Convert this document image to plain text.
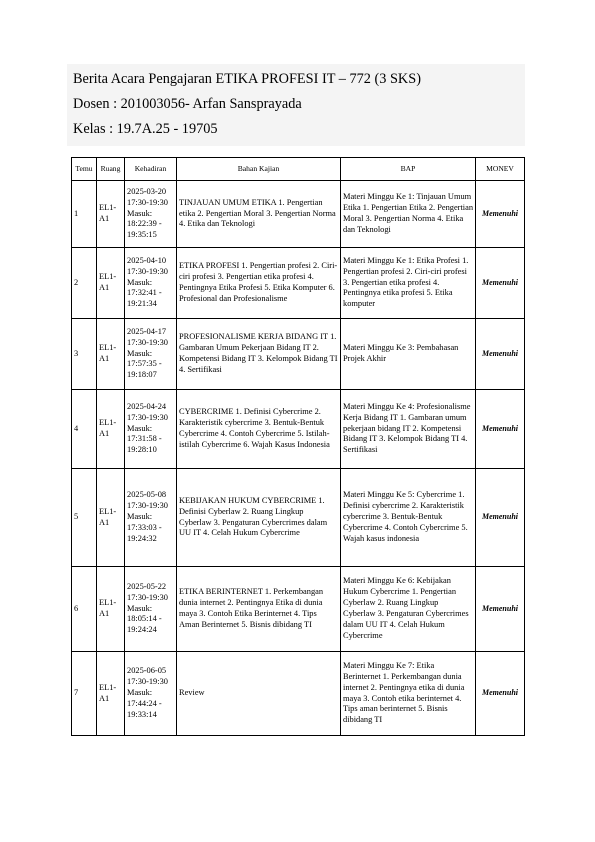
Berita Acara Pengajaran ETIKA PROFESI IT – 772 (3 SKS)
Dosen : 201003056- Arfan Sansprayada
Kelas : 19.7A.25 - 19705
Temu	Ruang	Kehadiran	Bahan Kajian	BAP	MONEV
1	EL1-A1	2025-03-20 17:30-19:30 Masuk: 18:22:39 - 19:35:15	TINJAUAN UMUM ETIKA 1. Pengertian etika 2. Pengertian Moral 3. Pengertian Norma 4. Etika dan Teknologi	Materi Minggu Ke 1: Tinjauan Umum Etika 1. Pengertian Etika 2. Pengertian Moral 3. Pengertian Norma 4. Etika dan Teknologi	Memenuhi
2	EL1-A1	2025-04-10 17:30-19:30 Masuk: 17:32:41 - 19:21:34	ETIKA PROFESI 1. Pengertian profesi 2. Ciri-ciri profesi 3. Pengertian etika profesi 4. Pentingnya Etika Profesi 5. Etika Komputer 6. Profesional dan Profesionalisme	Materi Minggu Ke 1: Etika Profesi 1. Pengertian profesi 2. Ciri-ciri profesi 3. Pengertian etika profesi 4. Pentingnya etika profesi 5. Etika komputer	Memenuhi
3	EL1-A1	2025-04-17 17:30-19:30 Masuk: 17:57:35 - 19:18:07	PROFESIONALISME KERJA BIDANG IT 1. Gambaran Umum Pekerjaan Bidang IT 2. Kompetensi Bidang IT 3. Kelompok Bidang TI 4. Sertifikasi	Materi Minggu Ke 3: Pembahasan Projek Akhir	Memenuhi
4	EL1-A1	2025-04-24 17:30-19:30 Masuk: 17:31:58 - 19:28:10	CYBERCRIME 1. Definisi Cybercrime 2. Karakteristik cybercrime 3. Bentuk-Bentuk Cybercrime 4. Contoh Cybercrime 5. Istilah-istilah Cybercrime 6. Wajah Kasus Indonesia	Materi Minggu Ke 4: Profesionalisme Kerja Bidang IT 1. Gambaran umum pekerjaan bidang IT 2. Kompetensi Bidang IT 3. Kelompok Bidang TI 4. Sertifikasi	Memenuhi
5	EL1-A1	2025-05-08 17:30-19:30 Masuk: 17:33:03 - 19:24:32	KEBIJAKAN HUKUM CYBERCRIME 1. Definisi Cyberlaw 2. Ruang Lingkup Cyberlaw 3. Pengaturan Cybercrimes dalam UU IT 4. Celah Hukum Cybercrime	Materi Minggu Ke 5: Cybercrime 1. Definisi cybercrime 2. Karakteristik cybercrime 3. Bentuk-Bentuk Cybercrime 4. Contoh Cybercrime 5. Wajah kasus indonesia	Memenuhi
6	EL1-A1	2025-05-22 17:30-19:30 Masuk: 18:05:14 - 19:24:24	ETIKA BERINTERNET 1. Perkembangan dunia internet 2. Pentingnya Etika di dunia maya 3. Contoh Etika Berinternet 4. Tips Aman Berinternet 5. Bisnis dibidang TI	Materi Minggu Ke 6: Kebijakan Hukum Cybercrime 1. Pengertian Cyberlaw 2. Ruang Lingkup Cyberlaw 3. Pengaturan Cybercrimes dalam UU IT 4. Celah Hukum Cybercrime	Memenuhi
7	EL1-A1	2025-06-05 17:30-19:30 Masuk: 17:44:24 - 19:33:14	Review	Materi Minggu Ke 7: Etika Berinternet 1. Perkembangan dunia internet 2. Pentingnya etika di dunia maya 3. Contoh etika berinternet 4. Tips aman berinternet 5. Bisnis dibidang TI	Memenuhi
